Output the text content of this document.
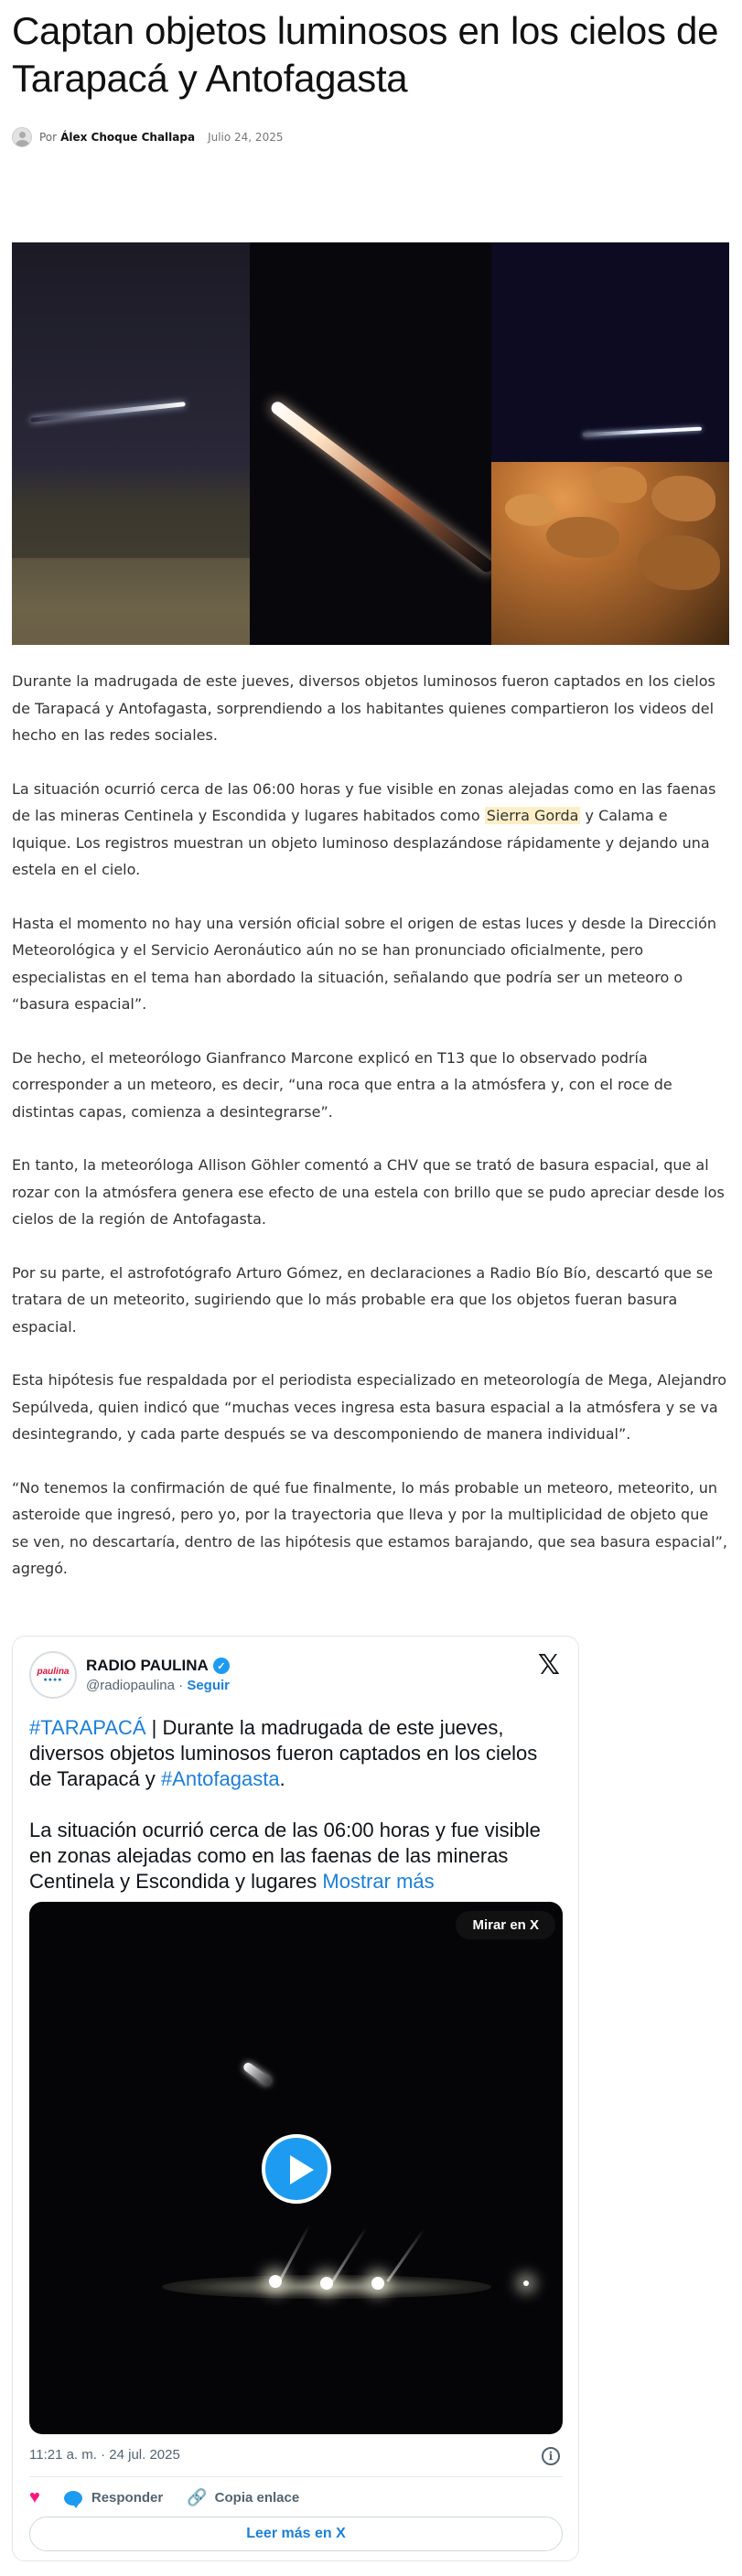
Captan objetos luminosos en los cielos de Tarapacá y Antofagasta
Por Álex Choque Challapa Julio 24, 2025

Durante la madrugada de este jueves, diversos objetos luminosos fueron captados en los cielos de Tarapacá y Antofagasta, sorprendiendo a los habitantes quienes compartieron los videos del hecho en las redes sociales.

La situación ocurrió cerca de las 06:00 horas y fue visible en zonas alejadas como en las faenas de las mineras Centinela y Escondida y lugares habitados como Sierra Gorda y Calama e Iquique. Los registros muestran un objeto luminoso desplazándose rápidamente y dejando una estela en el cielo.

Hasta el momento no hay una versión oficial sobre el origen de estas luces y desde la Dirección Meteorológica y el Servicio Aeronáutico aún no se han pronunciado oficialmente, pero especialistas en el tema han abordado la situación, señalando que podría ser un meteoro o “basura espacial”.

De hecho, el meteorólogo Gianfranco Marcone explicó en T13 que lo observado podría corresponder a un meteoro, es decir, “una roca que entra a la atmósfera y, con el roce de distintas capas, comienza a desintegrarse”.

En tanto, la meteoróloga Allison Göhler comentó a CHV que se trató de basura espacial, que al rozar con la atmósfera genera ese efecto de una estela con brillo que se pudo apreciar desde los cielos de la región de Antofagasta.

Por su parte, el astrofotógrafo Arturo Gómez, en declaraciones a Radio Bío Bío, descartó que se tratara de un meteorito, sugiriendo que lo más probable era que los objetos fueran basura espacial.

Esta hipótesis fue respaldada por el periodista especializado en meteorología de Mega, Alejandro Sepúlveda, quien indicó que “muchas veces ingresa esta basura espacial a la atmósfera y se va desintegrando, y cada parte después se va descomponiendo de manera individual”.

“No tenemos la confirmación de qué fue finalmente, lo más probable un meteoro, meteorito, un asteroide que ingresó, pero yo, por la trayectoria que lleva y por la multiplicidad de objeto que se ven, no descartaría, dentro de las hipótesis que estamos barajando, que sea basura espacial”, agregó.

paulina
●●●●
RADIO PAULINA ✓
@radiopaulina · Seguir
𝕏

#TARAPACÁ | Durante la madrugada de este jueves, diversos objetos luminosos fueron captados en los cielos de Tarapacá y #Antofagasta.

La situación ocurrió cerca de las 06:00 horas y fue visible en zonas alejadas como en las faenas de las mineras Centinela y Escondida y lugares Mostrar más

Mirar en X
11:21 a. m. · 24 jul. 2025	i
♥	Responder 🔗 Copia enlace
Leer más en X
